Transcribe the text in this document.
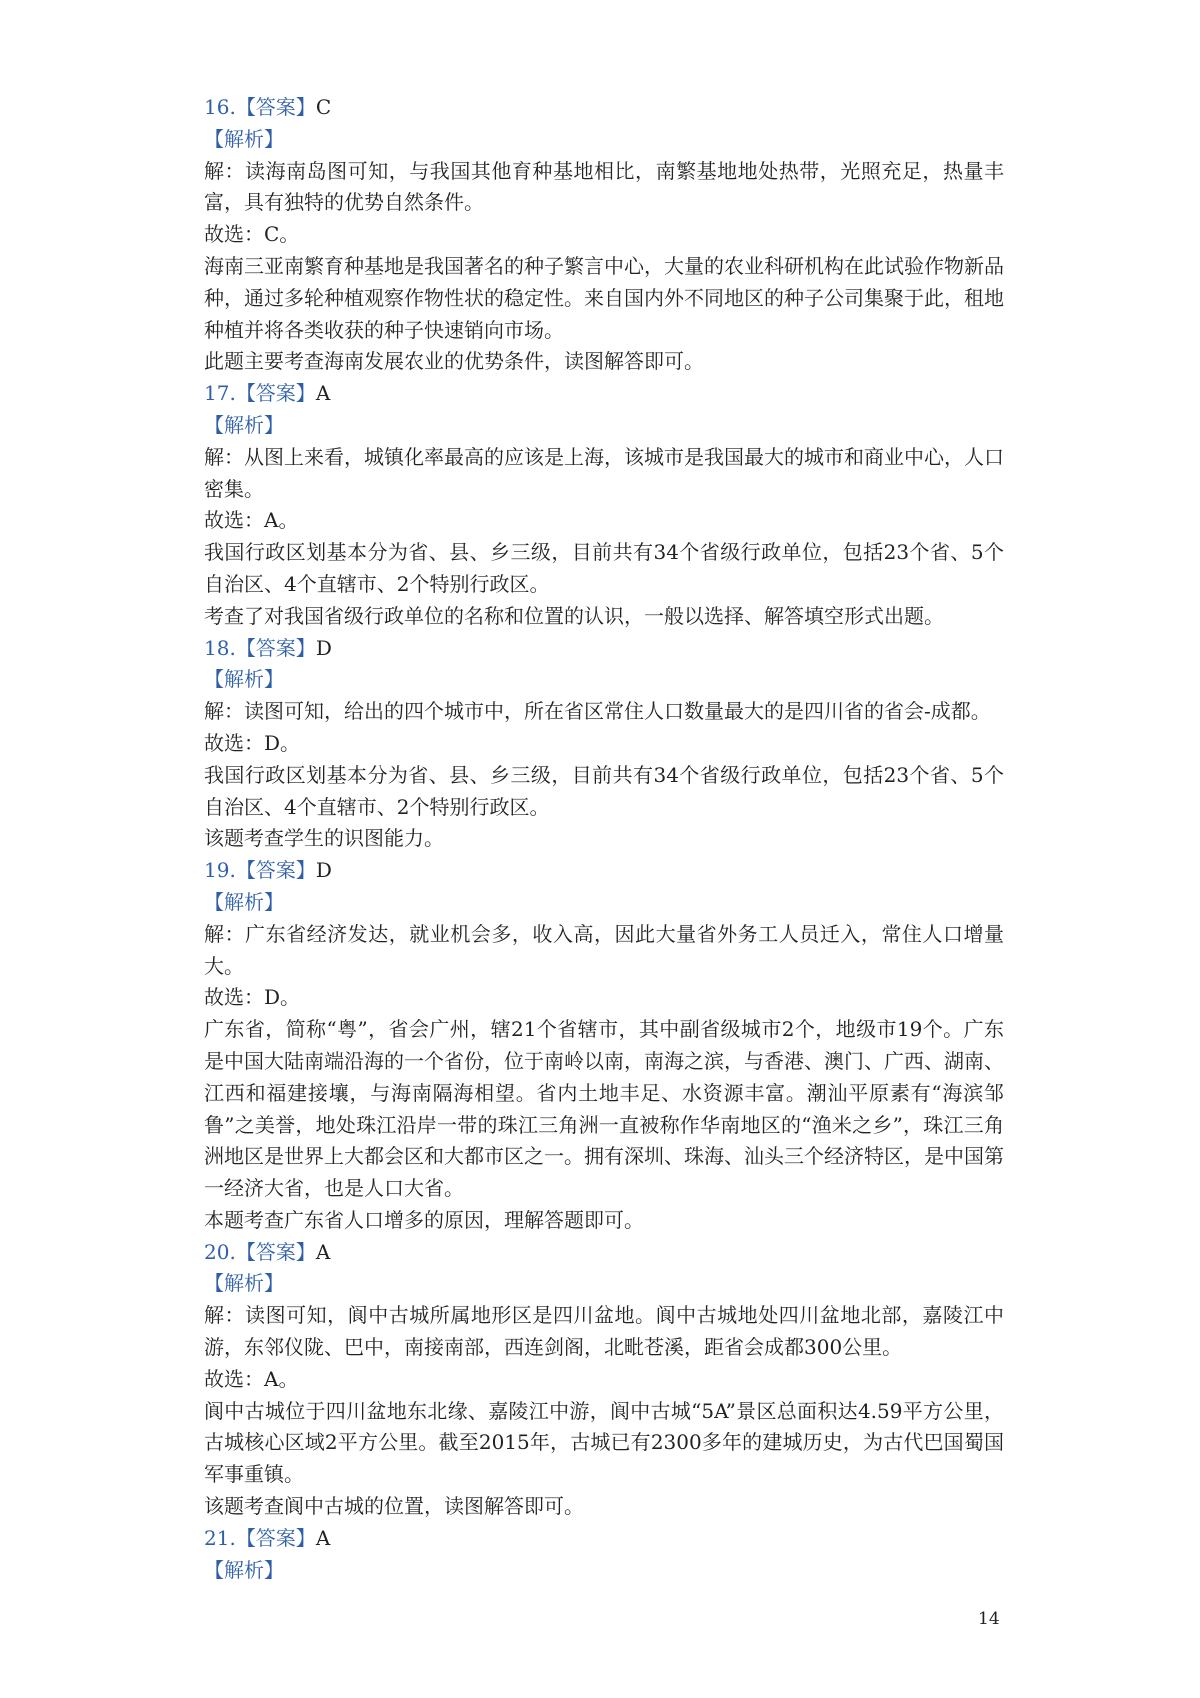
16.【答案】C
【解析】
解：读海南岛图可知，与我国其他育种基地相比，南繁基地地处热带，光照充足，热量丰富，具有独特的优势自然条件。
故选：C。
海南三亚南繁育种基地是我国著名的种子繁言中心，大量的农业科研机构在此试验作物新品种，通过多轮种植观察作物性状的稳定性。来自国内外不同地区的种子公司集聚于此，租地种植并将各类收获的种子快速销向市场。
此题主要考查海南发展农业的优势条件，读图解答即可。
17.【答案】A
【解析】
解：从图上来看，城镇化率最高的应该是上海，该城市是我国最大的城市和商业中心，人口密集。
故选：A。
我国行政区划基本分为省、县、乡三级，目前共有34个省级行政单位，包括23个省、5个自治区、4个直辖市、2个特别行政区。
考查了对我国省级行政单位的名称和位置的认识，一般以选择、解答填空形式出题。
18.【答案】D
【解析】
解：读图可知，给出的四个城市中，所在省区常住人口数量最大的是四川省的省会-成都。
故选：D。
我国行政区划基本分为省、县、乡三级，目前共有34个省级行政单位，包括23个省、5个自治区、4个直辖市、2个特别行政区。
该题考查学生的识图能力。
19.【答案】D
【解析】
解：广东省经济发达，就业机会多，收入高，因此大量省外务工人员迁入，常住人口增量大。
故选：D。
广东省，简称“粤”，省会广州，辖21个省辖市，其中副省级城市2个，地级市19个。广东是中国大陆南端沿海的一个省份，位于南岭以南，南海之滨，与香港、澳门、广西、湖南、江西和福建接壤，与海南隔海相望。省内土地丰足、水资源丰富。潮汕平原素有“海滨邹鲁”之美誉，地处珠江沿岸一带的珠江三角洲一直被称作华南地区的“渔米之乡”，珠江三角洲地区是世界上大都会区和大都市区之一。拥有深圳、珠海、汕头三个经济特区，是中国第一经济大省，也是人口大省。
本题考查广东省人口增多的原因，理解答题即可。
20.【答案】A
【解析】
解：读图可知，阆中古城所属地形区是四川盆地。阆中古城地处四川盆地北部，嘉陵江中游，东邻仪陇、巴中，南接南部，西连剑阁，北毗苍溪，距省会成都300公里。
故选：A。
阆中古城位于四川盆地东北缘、嘉陵江中游，阆中古城“5A”景区总面积达4.59平方公里，古城核心区域2平方公里。截至2015年，古城已有2300多年的建城历史，为古代巴国蜀国军事重镇。
该题考查阆中古城的位置，读图解答即可。
21.【答案】A
【解析】
14
